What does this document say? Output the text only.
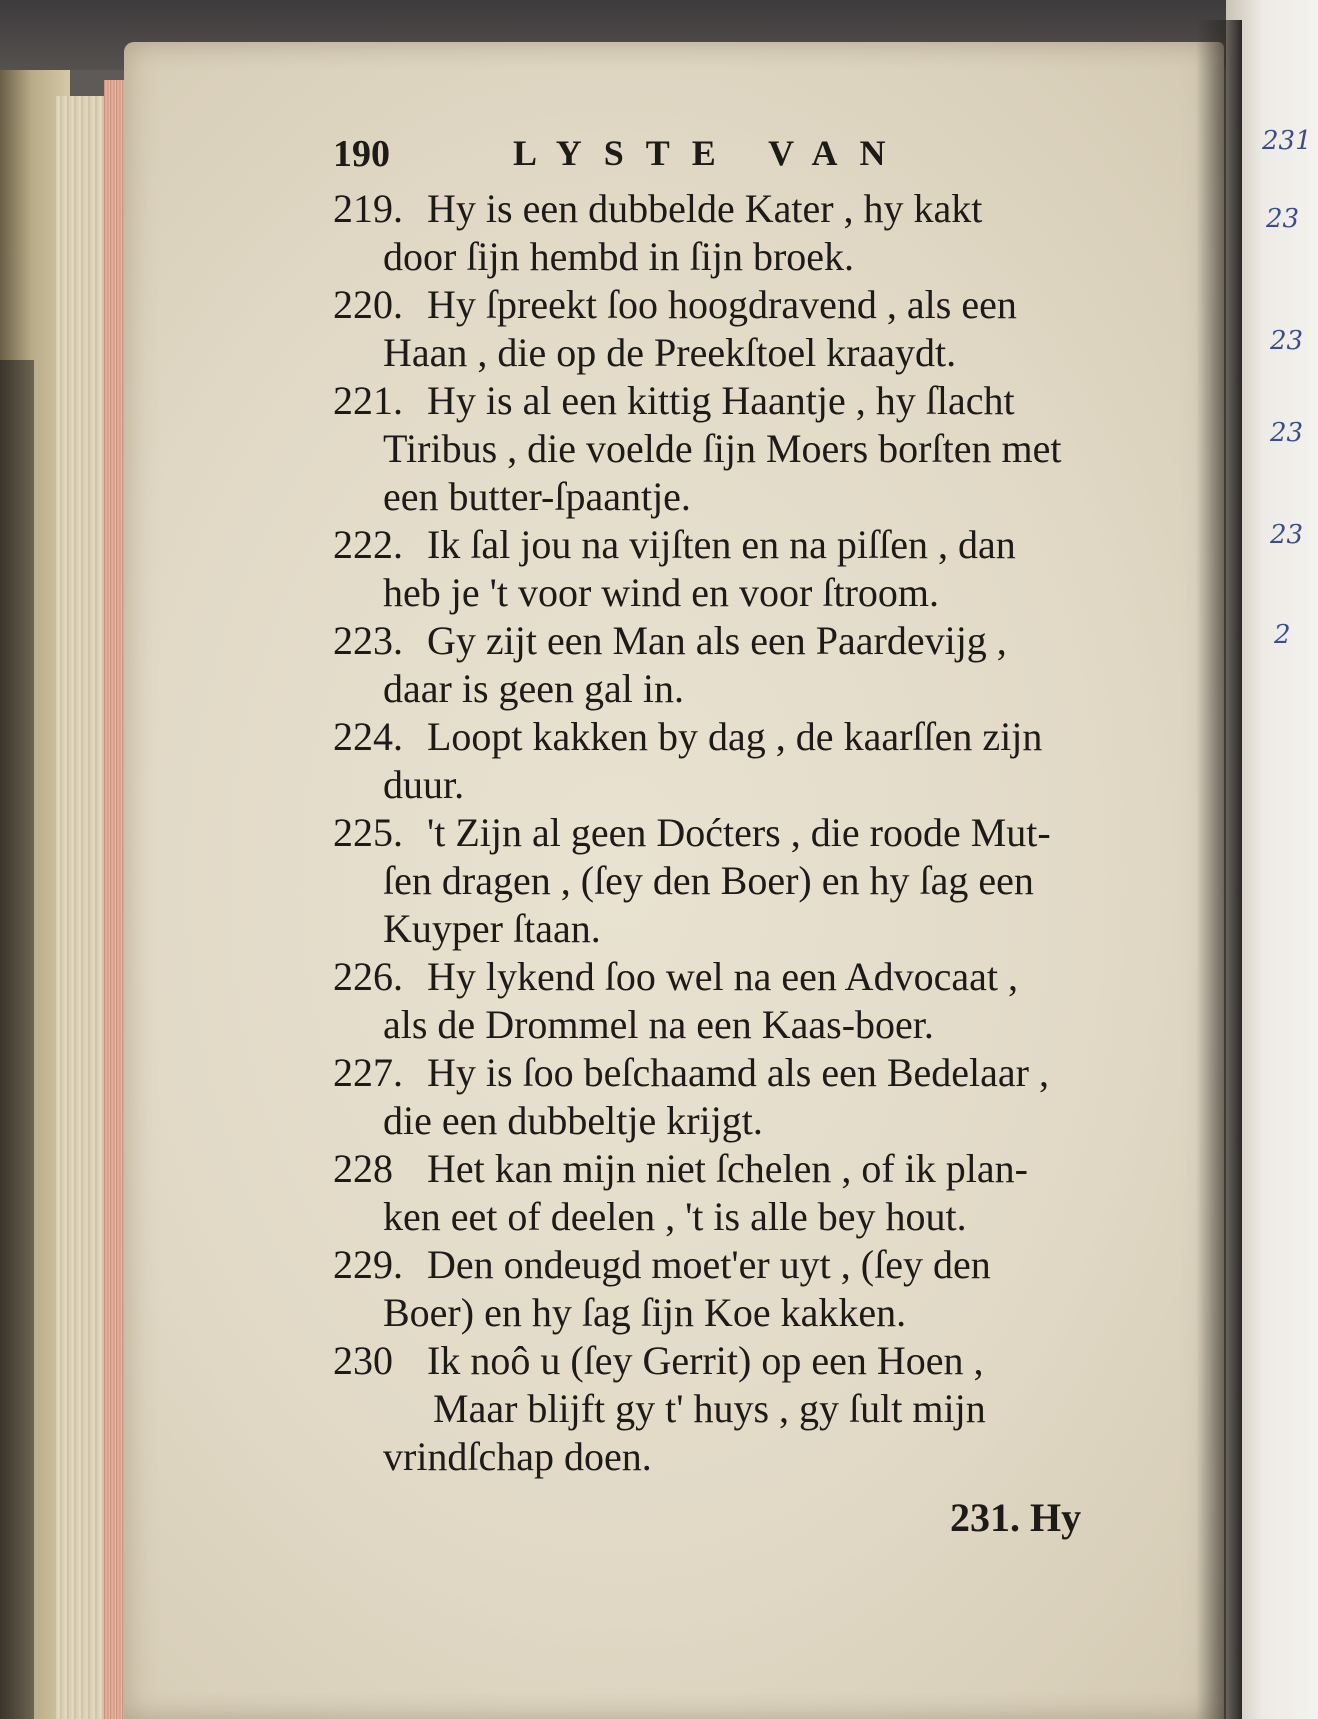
231
23
23
23
23
2
190	LYSTE VAN
219. Hy is een dubbelde Kater , hy kakt
door ſijn hembd in ſijn broek.
220. Hy ſpreekt ſoo hoogdravend , als een
Haan , die op de Preekſtoel kraaydt.
221. Hy is al een kittig Haantje , hy ſlacht
Tiribus , die voelde ſijn Moers borſten met
een butter-ſpaantje.
222. Ik ſal jou na vijſten en na piſſen , dan
heb je 't voor wind en voor ſtroom.
223. Gy zijt een Man als een Paardevijg ,
daar is geen gal in.
224. Loopt kakken by dag , de kaarſſen zijn
duur.
225. 't Zijn al geen Doćters , die roode Mut-
ſen dragen , (ſey den Boer) en hy ſag een
Kuyper ſtaan.
226. Hy lykend ſoo wel na een Advocaat ,
als de Drommel na een Kaas-boer.
227. Hy is ſoo beſchaamd als een Bedelaar ,
die een dubbeltje krijgt.
228 Het kan mijn niet ſchelen , of ik plan-
ken eet of deelen , 't is alle bey hout.
229. Den ondeugd moet'er uyt , (ſey den
Boer) en hy ſag ſijn Koe kakken.
230 Ik noô u (ſey Gerrit) op een Hoen ,
Maar blijft gy t' huys , gy ſult mijn
vrindſchap doen.
231. Hy
